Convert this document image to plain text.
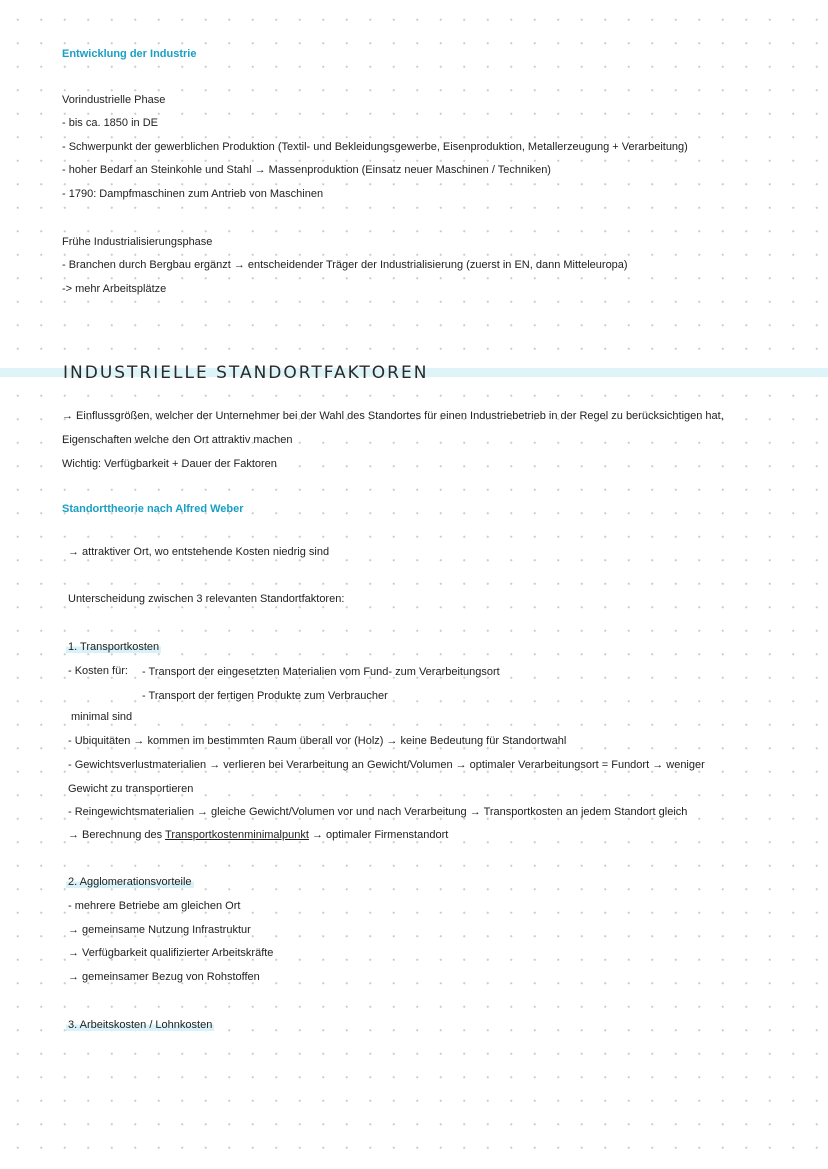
Entwicklung der Industrie
Vorindustrielle Phase
- bis ca. 1850 in DE
- Schwerpunkt der gewerblichen Produktion (Textil- und Bekleidungsgewerbe, Eisenproduktion, Metallerzeugung + Verarbeitung)
- hoher Bedarf an Steinkohle und Stahl → Massenproduktion (Einsatz neuer Maschinen / Techniken)
- 1790: Dampfmaschinen zum Antrieb von Maschinen
Frühe Industrialisierungsphase
- Branchen durch Bergbau ergänzt → entscheidender Träger der Industrialisierung (zuerst in EN, dann Mitteleuropa)
-> mehr Arbeitsplätze
INDUSTRIELLE STANDORTFAKTOREN
→ Einflussgrößen, welcher der Unternehmer bei der Wahl des Standortes für einen Industriebetrieb in der Regel zu berücksichtigen hat,
Eigenschaften welche den Ort attraktiv machen
Wichtig: Verfügbarkeit + Dauer der Faktoren
Standorttheorie nach Alfred Weber
→ attraktiver Ort, wo entstehende Kosten niedrig sind
Unterscheidung zwischen 3 relevanten Standortfaktoren:
1. Transportkosten
- Kosten für: - Transport der eingesetzten Materialien vom Fund- zum Verarbeitungsort
- Transport der fertigen Produkte zum Verbraucher
minimal sind
- Ubiquitäten → kommen im bestimmten Raum überall vor (Holz) → keine Bedeutung für Standortwahl
- Gewichtsverlustmaterialien → verlieren bei Verarbeitung an Gewicht/Volumen → optimaler Verarbeitungsort = Fundort → weniger
Gewicht zu transportieren
- Reingewichtsmaterialien → gleiche Gewicht/Volumen vor und nach Verarbeitung → Transportkosten an jedem Standort gleich
→ Berechnung des Transportkostenminimalpunkt → optimaler Firmenstandort
2. Agglomerationsvorteile
- mehrere Betriebe am gleichen Ort
→ gemeinsame Nutzung Infrastruktur
→ Verfügbarkeit qualifizierter Arbeitskräfte
→ gemeinsamer Bezug von Rohstoffen
3. Arbeitskosten / Lohnkosten
